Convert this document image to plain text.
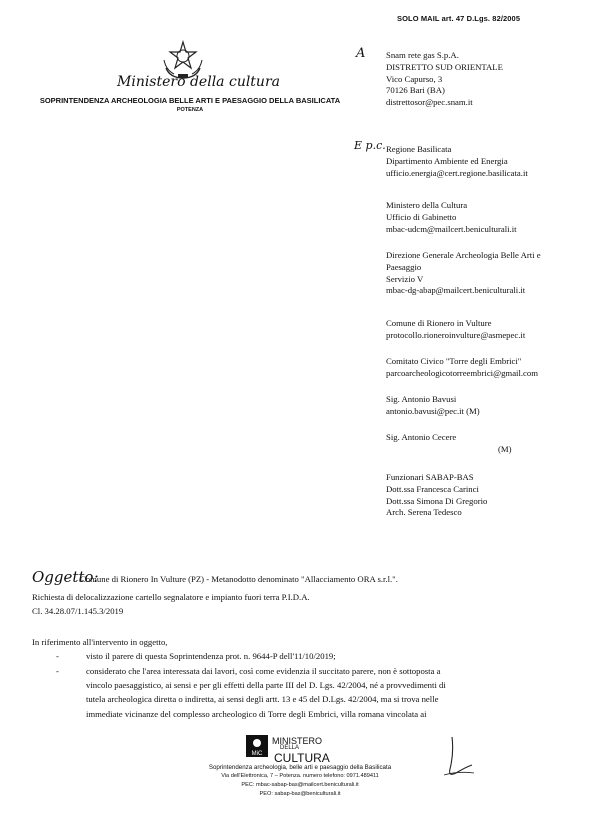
SOLO MAIL art. 47 D.Lgs. 82/2005
Ministero della cultura
SOPRINTENDENZA ARCHEOLOGIA BELLE ARTI E PAESAGGIO DELLA BASILICATA
POTENZA
A Snam rete gas S.p.A.
DISTRETTO SUD ORIENTALE
Vico Capurso, 3
70126 Bari (BA)
distrettosor@pec.snam.it
E p.c. Regione Basilicata
Dipartimento Ambiente ed Energia
ufficio.energia@cert.regione.basilicata.it
Ministero della Cultura
Ufficio di Gabinetto
mbac-udcm@mailcert.beniculturali.it
Direzione Generale Archeologia Belle Arti e
Paesaggio
Servizio V
mbac-dg-abap@mailcert.beniculturali.it
Comune di Rionero in Vulture
protocollo.rioneroinvulture@asmepec.it
Comitato Civico "Torre degli Embrici"
parcoarcheologicotorreembrici@gmail.com
Sig. Antonio Bavusi
antonio.bavusi@pec.it (M)
Sig. Antonio Cecere
(M)
Funzionari SABAP-BAS
Dott.ssa Francesca Carinci
Dott.ssa Simona Di Gregorio
Arch. Serena Tedesco
Oggetto:
Comune di Rionero In Vulture (PZ) - Metanodotto denominato "Allacciamento ORA s.r.l.".
Richiesta di delocalizzazione cartello segnalatore e impianto fuori terra P.I.D.A.
Cl. 34.28.07/1.145.3/2019
In riferimento all'intervento in oggetto,
-	visto il parere di questa Soprintendenza prot. n. 9644-P dell'11/10/2019;
-	considerato che l'area interessata dai lavori, così come evidenzia il succitato parere, non è sottoposta a
vincolo paesaggistico, ai sensi e per gli effetti della parte III del D. Lgs. 42/2004, né a provvedimenti di
tutela archeologica diretta o indiretta, ai sensi degli artt. 13 e 45 del D.Lgs. 42/2004, ma si trova nelle
immediate vicinanze del complesso archeologico di Torre degli Embrici, villa romana vincolata ai
MiC
MINISTERO
DELLA
CULTURA
Soprintendenza archeologia, belle arti e paesaggio della Basilicata
Via dell'Elettronica, 7 – Potenza. numero telefono: 0971.489411
PEC: mbac-sabap-bas@mailcert.beniculturali.it
PEO: sabap-bas@beniculturali.it
